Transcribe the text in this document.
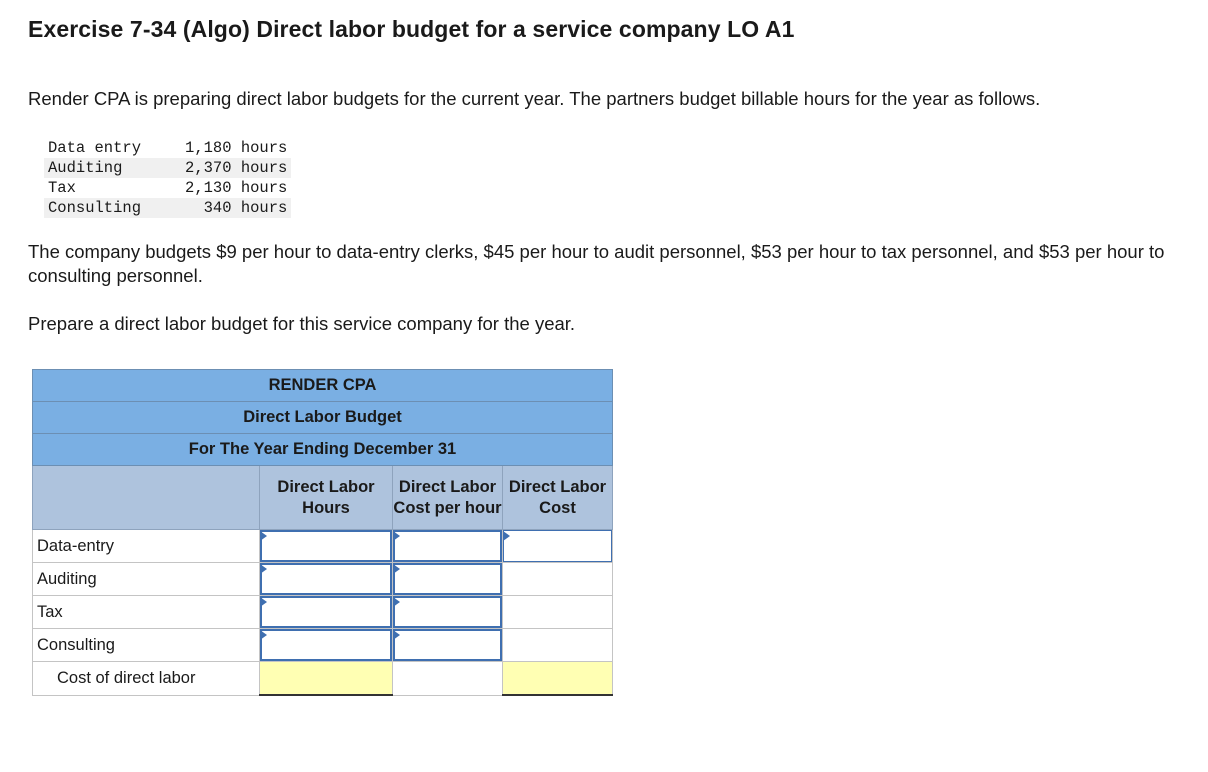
Exercise 7-34 (Algo) Direct labor budget for a service company LO A1

Render CPA is preparing direct labor budgets for the current year. The partners budget billable hours for the year as follows.

Data entry	1,180 hours
Auditing	2,370 hours
Tax	2,130 hours
Consulting	340 hours

The company budgets $9 per hour to data-entry clerks, $45 per hour to audit personnel, $53 per hour to tax personnel, and $53 per hour to consulting personnel.

Prepare a direct labor budget for this service company for the year.

RENDER CPA			
Direct Labor Budget			
For The Year Ending December 31			
	Direct Labor Hours	Direct Labor Cost per hour	Direct Labor Cost
Data-entry	

Auditing	

Tax	

Consulting	

Cost of direct labor			
